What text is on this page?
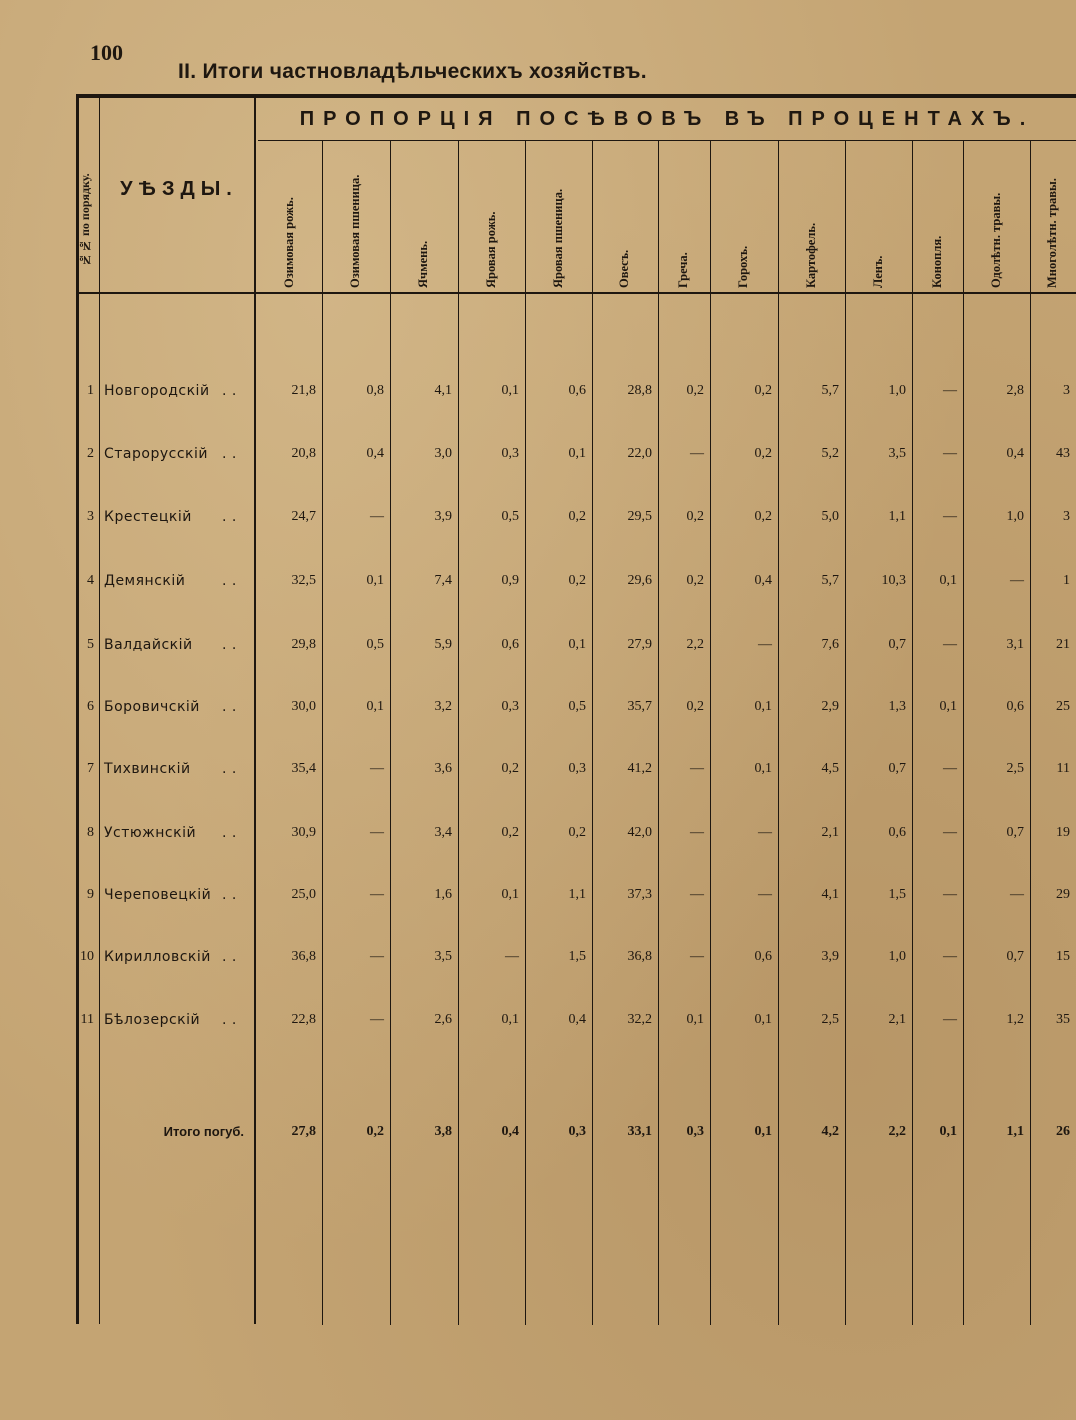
100
II. Итоги частновладѣльческихъ хозяйствъ.
№№ по порядку.	УѢЗДЫ.
ПРОПОРЦІЯ ПОСѢВОВЪ ВЪ ПРОЦЕНТАХЪ.
Озимовая рожь.	Озимовая пшеница.	Ячмень.	Яровая рожь.	Яровая пшеница.	Овесъ.	Греча.	Горохъ.	Картофель.	Ленъ.	Конопля.	Одолѣтн. травы.	Многолѣтн. травы.
1 Новгородскій . .	21,8	0,8	4,1	0,1	0,6	28,8	0,2	0,2	5,7	1,0	—	2,8	3
2 Старорусскій	. .	20,8	0,4	3,0	0,3	0,1	22,0	—	0,2	5,2	3,5	—	0,4	43
3 Крестецкій	. .	24,7	—	3,9	0,5	0,2	29,5	0,2	0,2	5,0	1,1	—	1,0	3
4 Демянскій	. .	32,5	0,1	7,4	0,9	0,2	29,6	0,2	0,4	5,7	10,3	0,1	—	1
5 Валдайскій	. .	29,8	0,5	5,9	0,6	0,1	27,9	2,2	—	7,6	0,7	—	3,1	21
6 Боровичскій	. .	30,0	0,1	3,2	0,3	0,5	35,7	0,2	0,1	2,9	1,3	0,1	0,6	25
7 Тихвинскій	. .	35,4	—	3,6	0,2	0,3	41,2	—	0,1	4,5	0,7	—	2,5	11
8 Устюжнскій	. .	30,9	—	3,4	0,2	0,2	42,0	—	—	2,1	0,6	—	0,7	19
9 Череповецкій . .	25,0	—	1,6	0,1	1,1	37,3	—	—	4,1	1,5	—	—	29
10 Кирилловскій . .	36,8	—	3,5	—	1,5	36,8	—	0,6	3,9	1,0	—	0,7	15
11 Бѣлозерскій	. .	22,8	—	2,6	0,1	0,4	32,2	0,1	0,1	2,5	2,1	—	1,2	35
Итого погуб.	27,8	0,2	3,8	0,4	0,3	33,1	0,3	0,1	4,2	2,2	0,1	1,1	26
